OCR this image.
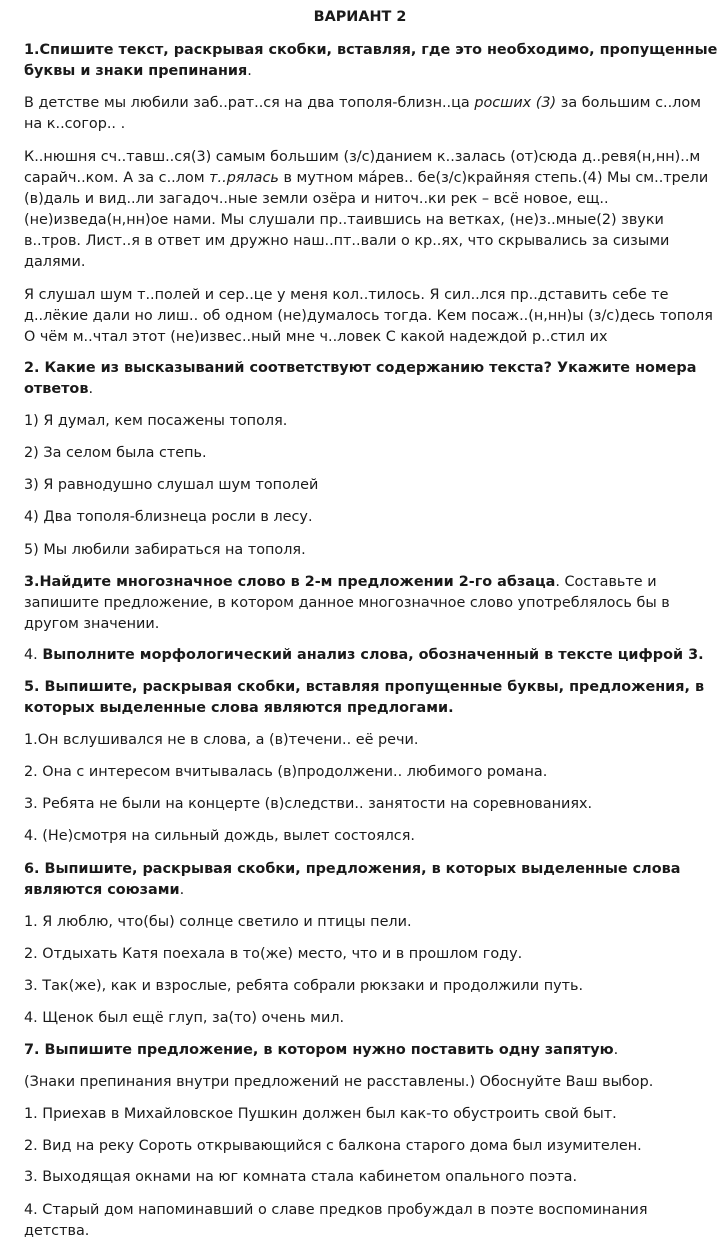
ВАРИАНТ 2

1.Спишите текст, раскрывая скобки, вставляя, где это необходимо, пропущенные

буквы и знаки препинания.

В детстве мы любили заб..рат..ся на два тополя-близн..ца росших (3) за большим с..лом

на к..согор.. .

К..нюшня сч..тавш..ся(3) самым большим (з/с)данием к..залась (от)сюда д..ревя(н,нн)..м

сарайч..ком. А за с..лом т..рялась в мутном ма́рев.. бе(з/с)крайняя степь.(4) Мы см..трели

(в)даль и вид..ли загадоч..ные земли озёра и ниточ..ки рек – всё новое, ещ..

(не)изведа(н,нн)ое нами. Мы слушали пр..таившись на ветках, (не)з..мные(2) звуки

в..тров. Лист..я в ответ им дружно наш..пт..вали о кр..ях, что скрывались за сизыми

далями.

Я слушал шум т..полей и сер..це у меня кол..тилось. Я сил..лся пр..дставить себе те

д..лёкие дали но лиш.. об одном (не)думалось тогда. Кем посаж..(н,нн)ы (з/с)десь тополя

О чём м..чтал этот (не)извес..ный мне ч..ловек С какой надеждой р..стил их

2. Какие из высказываний соответствуют содержанию текста? Укажите номера

ответов.

1) Я думал, кем посажены тополя.

2) За селом была степь.

3) Я равнодушно слушал шум тополей

4) Два тополя-близнеца росли в лесу.

5) Мы любили забираться на тополя.

3.Найдите многозначное слово в 2-м предложении 2-го абзаца. Составьте и

запишите предложение, в котором данное многозначное слово употреблялось бы в

другом значении.

4. Выполните морфологический анализ слова, обозначенный в тексте цифрой 3.

5. Выпишите, раскрывая скобки, вставляя пропущенные буквы, предложения, в

которых выделенные слова являются предлогами.

1.Он вслушивался не в слова, а (в)течени.. её речи.

2. Она с интересом вчитывалась (в)продолжени.. любимого романа.

3. Ребята не были на концерте (в)следстви.. занятости на соревнованиях.

4. (Не)смотря на сильный дождь, вылет состоялся.

6. Выпишите, раскрывая скобки, предложения, в которых выделенные слова

являются союзами.

1. Я люблю, что(бы) солнце светило и птицы пели.

2. Отдыхать Катя поехала в то(же) место, что и в прошлом году.

3. Так(же), как и взрослые, ребята собрали рюкзаки и продолжили путь.

4. Щенок был ещё глуп, за(то) очень мил.

7. Выпишите предложение, в котором нужно поставить одну запятую.

(Знаки препинания внутри предложений не расставлены.) Обоснуйте Ваш выбор.

1. Приехав в Михайловское Пушкин должен был как-то обустроить свой быт.

2. Вид на реку Сороть открывающийся с балкона старого дома был изумителен.

3. Выходящая окнами на юг комната стала кабинетом опального поэта.

4. Старый дом напоминавший о славе предков пробуждал в поэте воспоминания

детства.
